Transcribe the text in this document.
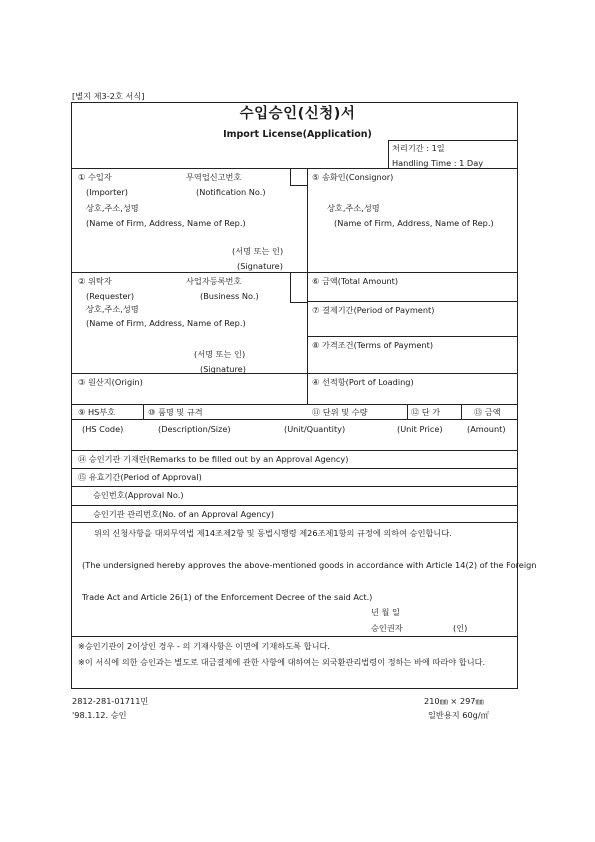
[별지 제3-2호 서식]
수입승인(신청)서
Import License(Application)
처리기간 : 1일
Handling Time : 1 Day
① 수입자	무역업신고번호
(Importer)	(Notification No.)
상호,주소,성명
(Name of Firm, Address, Name of Rep.)
(서명 또는 인)
(Signature)
⑤ 송화인(Consignor)
상호,주소,성명
(Name of Firm, Address, Name of Rep.)
② 위탁자	사업자등록번호
(Requester)	(Business No.)
상호,주소,성명
(Name of Firm, Address, Name of Rep.)
(서명 또는 인)
(Signature)
⑥ 금액(Total Amount)
⑦ 결제기간(Period of Payment)
⑧ 가격조건(Terms of Payment)
③ 원산지(Origin)	④ 선적항(Port of Loading)
⑨ HS부호	⑩ 품명 및 규격	⑪ 단위 및 수량	⑫ 단 가	⑬ 금액
(HS Code)	(Description/Size)	(Unit/Quantity)	(Unit Price)	(Amount)
⑭ 승인기관 기재란(Remarks to be filled out by an Approval Agency)
⑮ 유효기간(Period of Approval)
승인번호(Approval No.)
승인기관 관리번호(No. of an Approval Agency)
위의 신청사항을 대외무역법 제14조제2항 및 동법시행령 제26조제1항의 규정에 의하여 승인합니다.
(The undersigned hereby approves the above-mentioned goods in accordance with Article 14(2) of the Foreign
Trade Act and Article 26(1) of the Enforcement Decree of the said Act.)
년 월 일
승인권자	(인)
※승인기관이 2이상인 경우 - 의 기재사항은 이면에 기재하도록 합니다.
※이 서식에 의한 승인과는 별도로 대금결제에 관한 사항에 대하여는 외국환관리법령이 정하는 바에 따라야 합니다.
2812-281-01711민
'98.1.12. 승인
210㎜ × 297㎜
일반용지 60g/㎡
